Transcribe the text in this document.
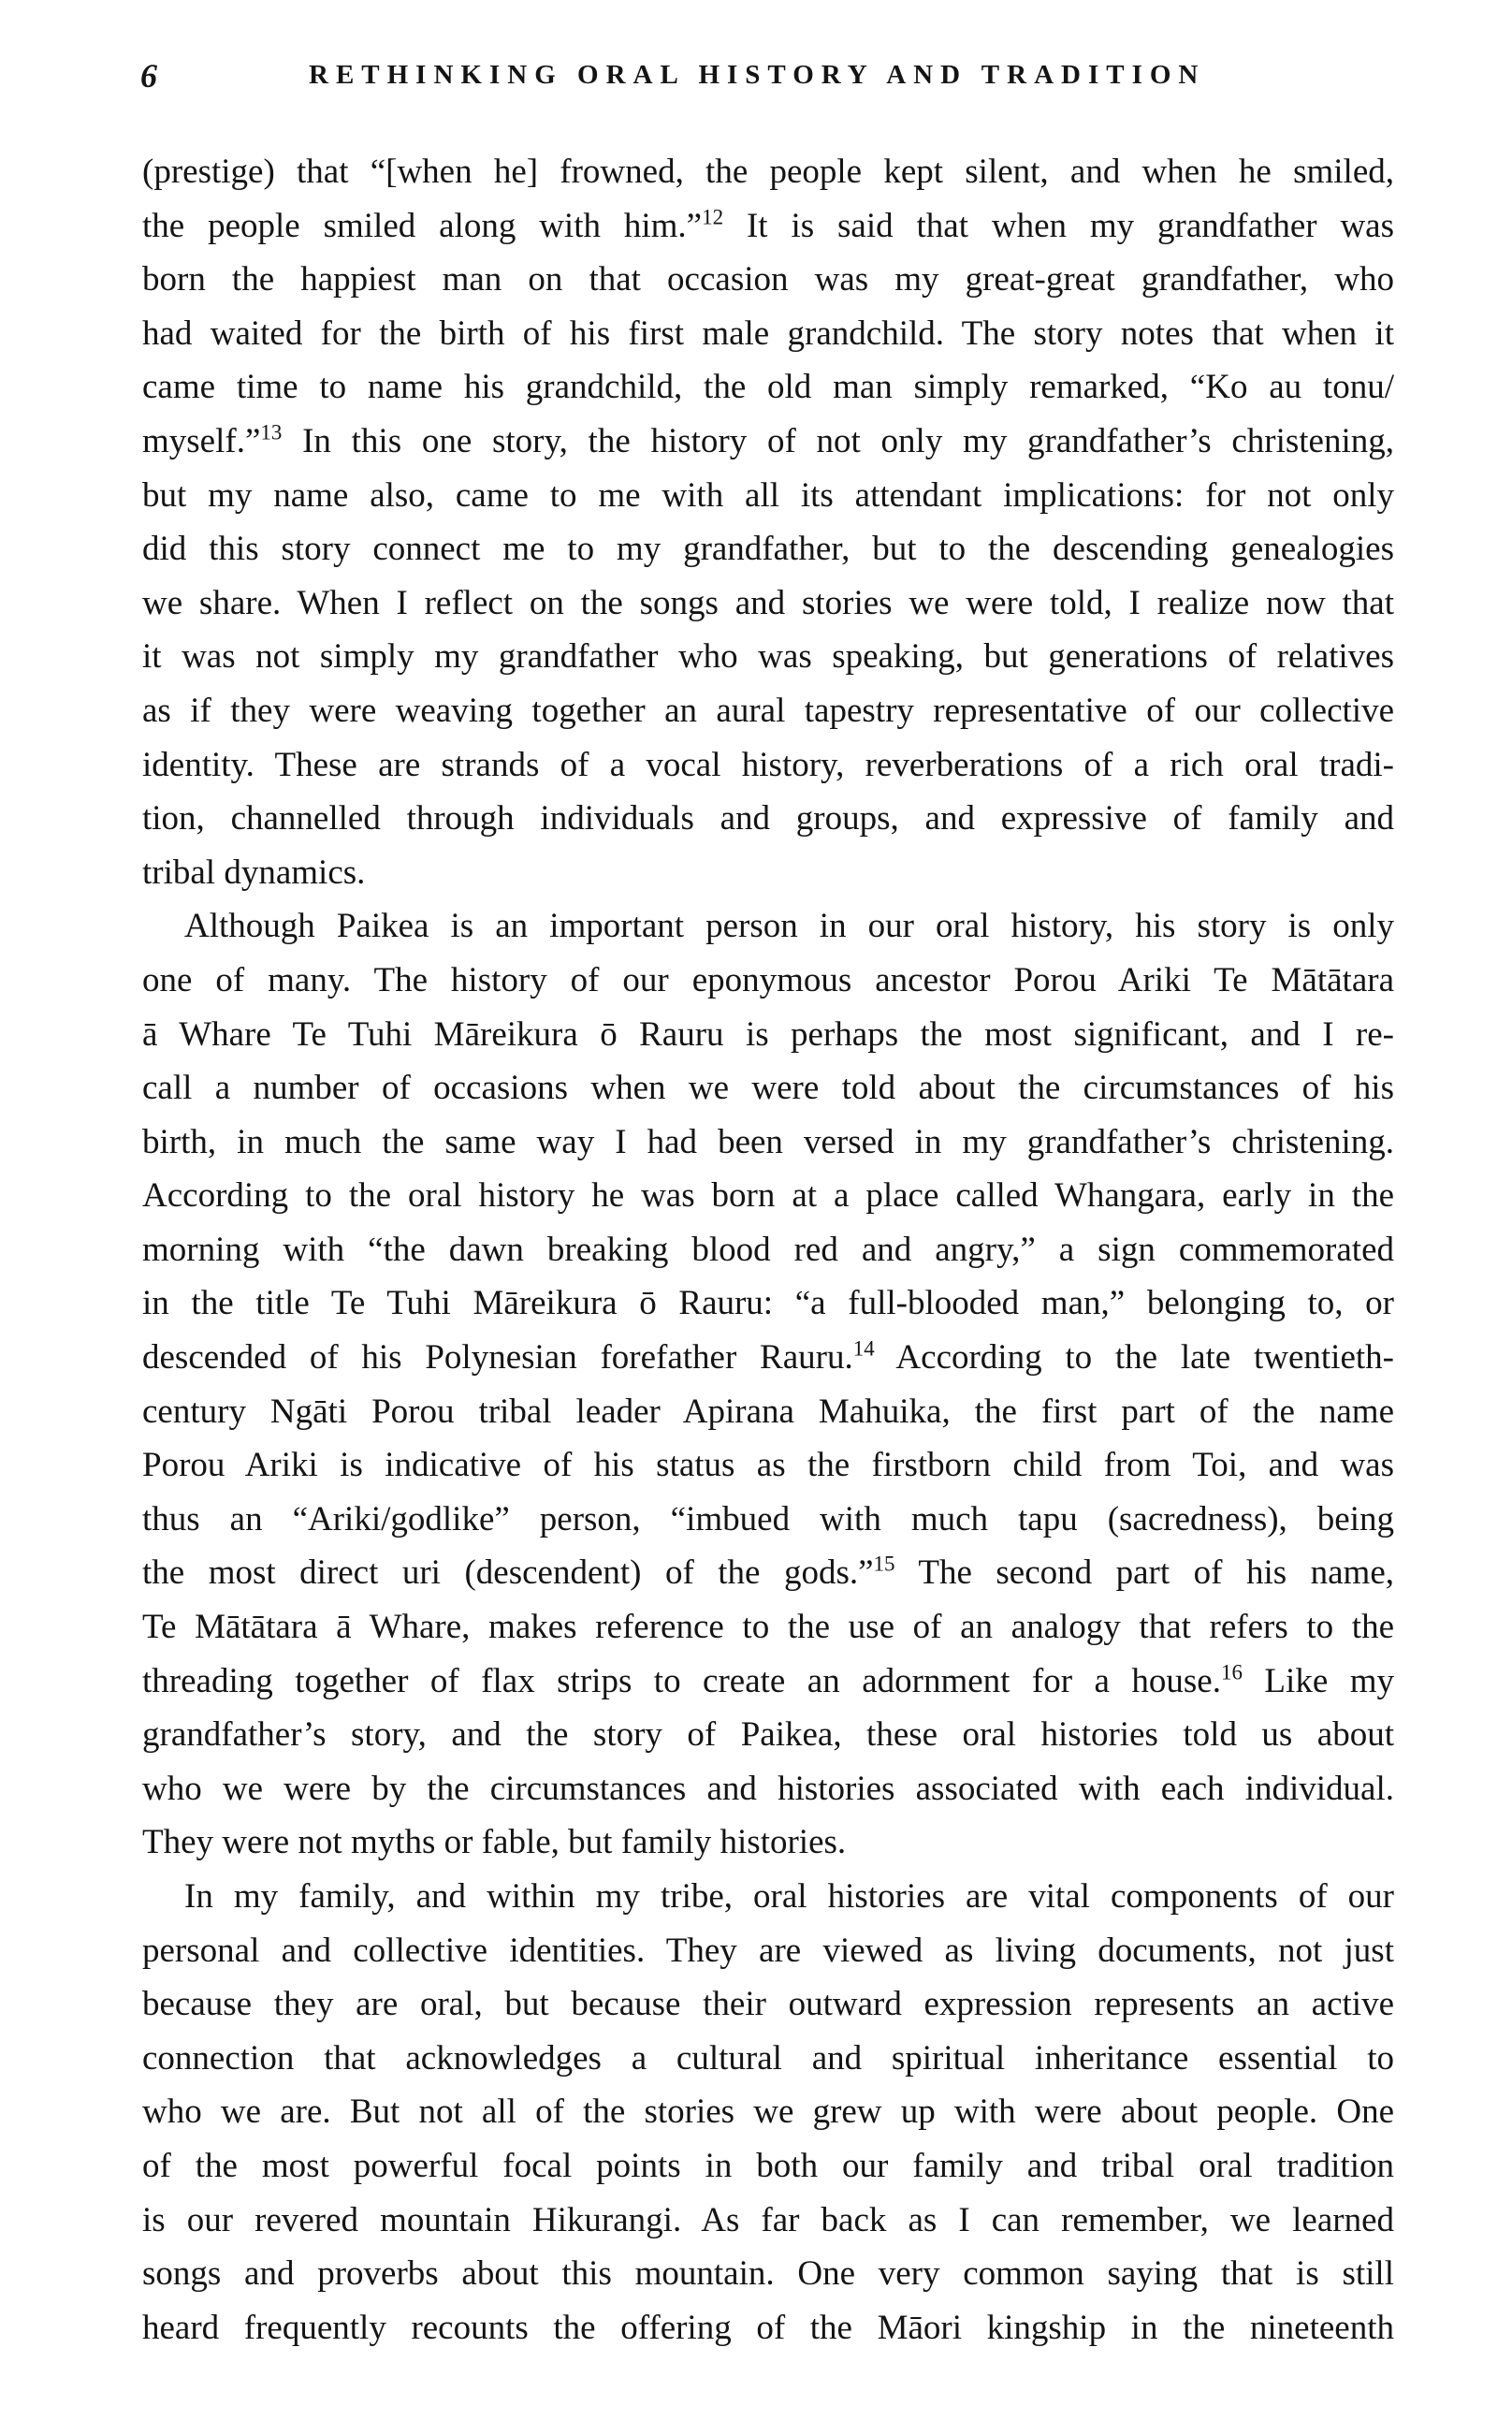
6	RETHINKING ORAL HISTORY AND TRADITION
(prestige) that “[when he] frowned, the people kept silent, and when he smiled,
the people smiled along with him.”$^{12}$ It is said that when my grandfather was
born the happiest man on that occasion was my great-great grandfather, who
had waited for the birth of his first male grandchild. The story notes that when it
came time to name his grandchild, the old man simply remarked, “Ko au tonu/
myself.”$^{13}$ In this one story, the history of not only my grandfather’s christening,
but my name also, came to me with all its attendant implications: for not only
did this story connect me to my grandfather, but to the descending genealogies
we share. When I reflect on the songs and stories we were told, I realize now that
it was not simply my grandfather who was speaking, but generations of relatives
as if they were weaving together an aural tapestry representative of our collective
identity. These are strands of a vocal history, reverberations of a rich oral tradi-
tion, channelled through individuals and groups, and expressive of family and
tribal dynamics.
Although Paikea is an important person in our oral history, his story is only
one of many. The history of our eponymous ancestor Porou Ariki Te Mātātara
ā Whare Te Tuhi Māreikura ō Rauru is perhaps the most significant, and I re-
call a number of occasions when we were told about the circumstances of his
birth, in much the same way I had been versed in my grandfather’s christening.
According to the oral history he was born at a place called Whangara, early in the
morning with “the dawn breaking blood red and angry,” a sign commemorated
in the title Te Tuhi Māreikura ō Rauru: “a full-blooded man,” belonging to, or
descended of his Polynesian forefather Rauru.$^{14}$ According to the late twentieth-
century Ngāti Porou tribal leader Apirana Mahuika, the first part of the name
Porou Ariki is indicative of his status as the firstborn child from Toi, and was
thus an “Ariki/godlike” person, “imbued with much tapu (sacredness), being
the most direct uri (descendent) of the gods.”$^{15}$ The second part of his name,
Te Mātātara ā Whare, makes reference to the use of an analogy that refers to the
threading together of flax strips to create an adornment for a house.$^{16}$ Like my
grandfather’s story, and the story of Paikea, these oral histories told us about
who we were by the circumstances and histories associated with each individual.
They were not myths or fable, but family histories.
In my family, and within my tribe, oral histories are vital components of our
personal and collective identities. They are viewed as living documents, not just
because they are oral, but because their outward expression represents an active
connection that acknowledges a cultural and spiritual inheritance essential to
who we are. But not all of the stories we grew up with were about people. One
of the most powerful focal points in both our family and tribal oral tradition
is our revered mountain Hikurangi. As far back as I can remember, we learned
songs and proverbs about this mountain. One very common saying that is still
heard frequently recounts the offering of the Māori kingship in the nineteenth
